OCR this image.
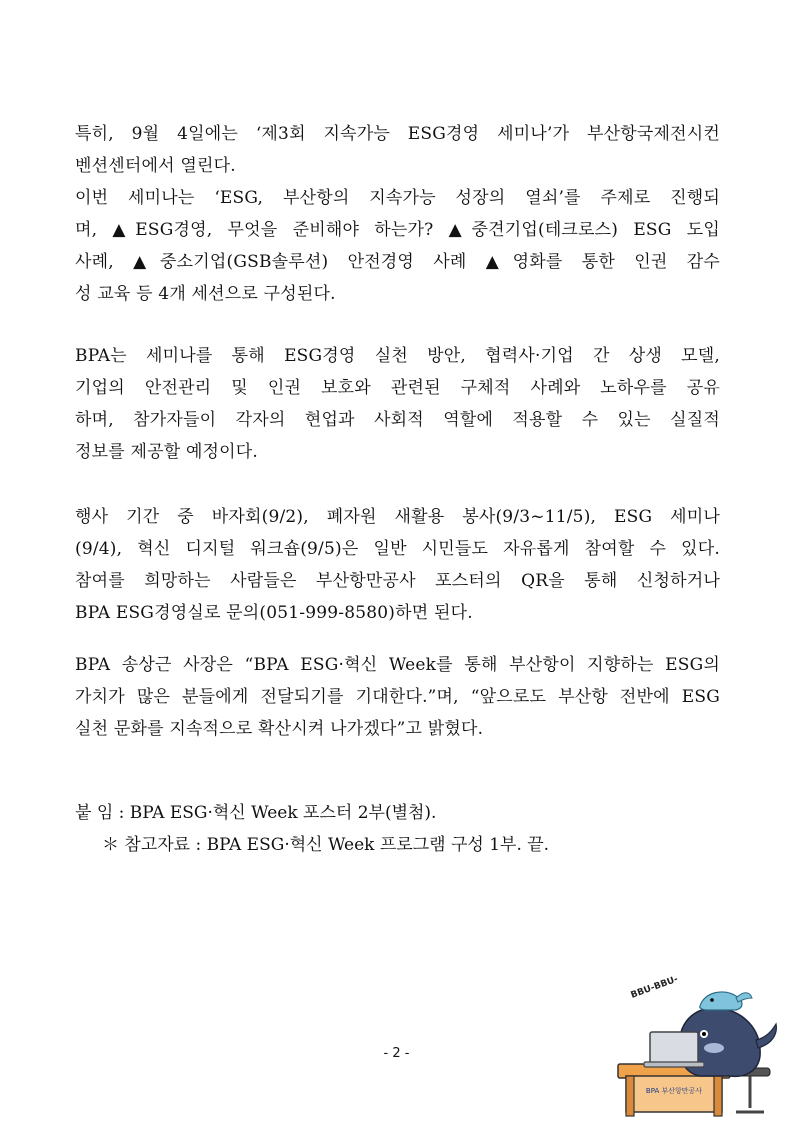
특히, 9월 4일에는 ‘제3회 지속가능 ESG경영 세미나’가 부산항국제전시컨
벤션센터에서 열린다.
이번 세미나는 ‘ESG, 부산항의 지속가능 성장의 열쇠’를 주제로 진행되
며, ▲ESG경영, 무엇을 준비해야 하는가? ▲중견기업(테크로스) ESG 도입
사례, ▲중소기업(GSB솔루션) 안전경영 사례 ▲영화를 통한 인권 감수
성 교육 등 4개 세션으로 구성된다.
BPA는 세미나를 통해 ESG경영 실천 방안, 협력사·기업 간 상생 모델,
기업의 안전관리 및 인권 보호와 관련된 구체적 사례와 노하우를 공유
하며, 참가자들이 각자의 현업과 사회적 역할에 적용할 수 있는 실질적
정보를 제공할 예정이다.
행사 기간 중 바자회(9/2), 폐자원 새활용 봉사(9/3~11/5), ESG 세미나
(9/4), 혁신 디지털 워크숍(9/5)은 일반 시민들도 자유롭게 참여할 수 있다.
참여를 희망하는 사람들은 부산항만공사 포스터의 QR을 통해 신청하거나
BPA ESG경영실로 문의(051-999-8580)하면 된다.
BPA 송상근 사장은 “BPA ESG·혁신 Week를 통해 부산항이 지향하는 ESG의
가치가 많은 분들에게 전달되기를 기대한다.”며, “앞으로도 부산항 전반에 ESG
실천 문화를 지속적으로 확산시켜 나가겠다”고 밝혔다.
붙 임 : BPA ESG·혁신 Week 포스터 2부(별첨).
＊ 참고자료 : BPA ESG·혁신 Week 프로그램 구성 1부. 끝.
- 2 -
BPA 부산항만공사
BBU-BBU-
